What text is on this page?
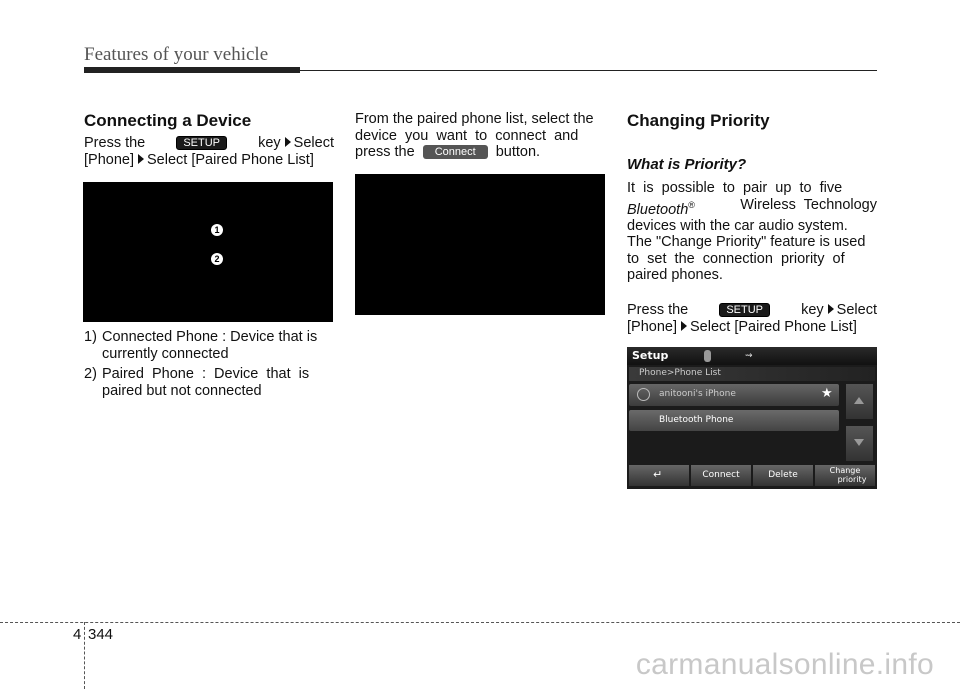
Features of your vehicle
Connecting a Device
Press the	SETUP	key Select
[Phone] Select [Paired Phone List]
1
2
1) Connected Phone : Device that is
currently connected
2) Paired  Phone  :  Device  that  is
paired but not connected
From the paired phone list, select the
device  you  want  to  connect  and
press the Connect button.
Changing Priority
What is Priority?
It  is  possible  to  pair  up  to  five
Bluetooth®	Wireless  Technology
devices with the car audio system.
The "Change Priority" feature is used
to  set  the  connection  priority  of
paired phones.
Press the	SETUP	key Select
[Phone] Select [Paired Phone List]
Setup	⇝
Phone>Phone List
anitooni's iPhone	★
Bluetooth Phone
↵	Connect	Delete	Change
priority
4 344
carmanualsonline.info
